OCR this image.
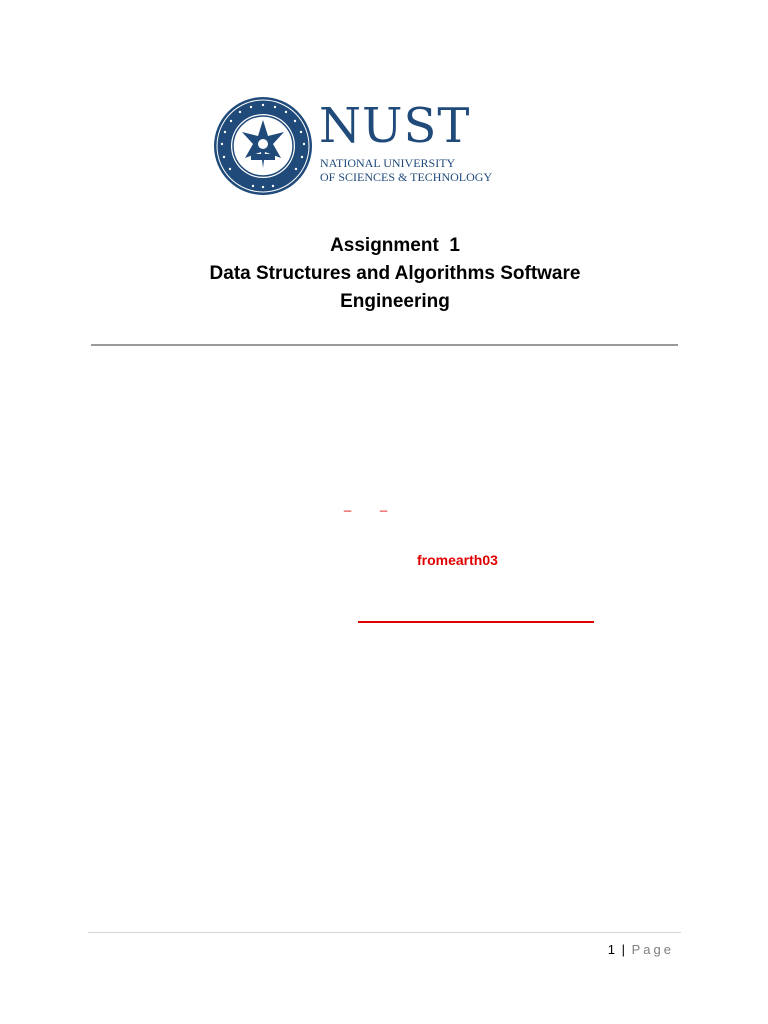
NUST
NATIONAL UNIVERSITY
OF SCIENCES & TECHNOLOGY
Assignment  1
Data Structures and Algorithms Software
Engineering
_ _
fromearth03
1 | Page
